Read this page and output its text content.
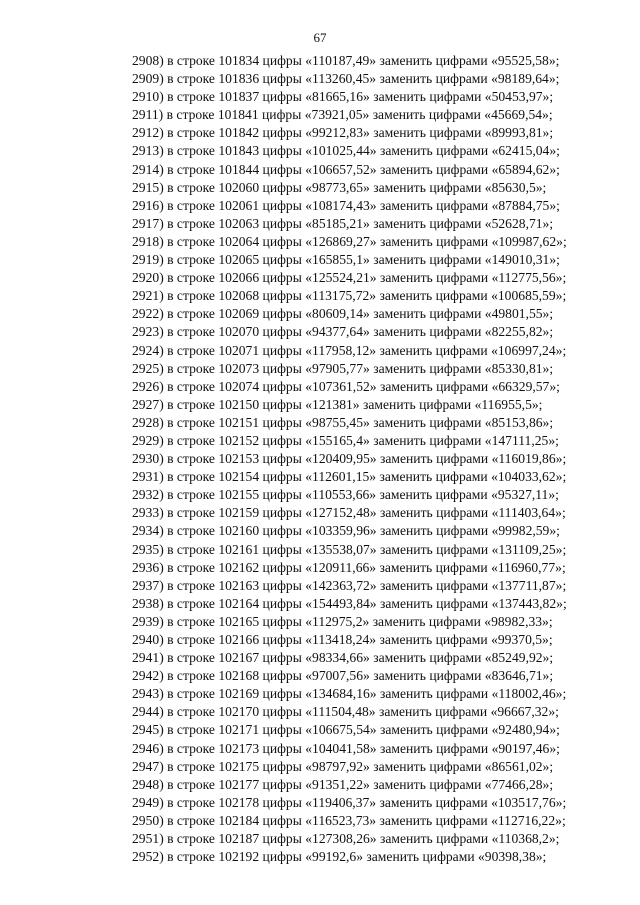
67
2908) в строке 101834 цифры «110187,49» заменить цифрами «95525,58»;
2909) в строке 101836 цифры «113260,45» заменить цифрами «98189,64»;
2910) в строке 101837 цифры «81665,16» заменить цифрами «50453,97»;
2911) в строке 101841 цифры «73921,05» заменить цифрами «45669,54»;
2912) в строке 101842 цифры «99212,83» заменить цифрами «89993,81»;
2913) в строке 101843 цифры «101025,44» заменить цифрами «62415,04»;
2914) в строке 101844 цифры «106657,52» заменить цифрами «65894,62»;
2915) в строке 102060 цифры «98773,65» заменить цифрами «85630,5»;
2916) в строке 102061 цифры «108174,43» заменить цифрами «87884,75»;
2917) в строке 102063 цифры «85185,21» заменить цифрами «52628,71»;
2918) в строке 102064 цифры «126869,27» заменить цифрами «109987,62»;
2919) в строке 102065 цифры «165855,1» заменить цифрами «149010,31»;
2920) в строке 102066 цифры «125524,21» заменить цифрами «112775,56»;
2921) в строке 102068 цифры «113175,72» заменить цифрами «100685,59»;
2922) в строке 102069 цифры «80609,14» заменить цифрами «49801,55»;
2923) в строке 102070 цифры «94377,64» заменить цифрами «82255,82»;
2924) в строке 102071 цифры «117958,12» заменить цифрами «106997,24»;
2925) в строке 102073 цифры «97905,77» заменить цифрами «85330,81»;
2926) в строке 102074 цифры «107361,52» заменить цифрами «66329,57»;
2927) в строке 102150 цифры «121381» заменить цифрами «116955,5»;
2928) в строке 102151 цифры «98755,45» заменить цифрами «85153,86»;
2929) в строке 102152 цифры «155165,4» заменить цифрами «147111,25»;
2930) в строке 102153 цифры «120409,95» заменить цифрами «116019,86»;
2931) в строке 102154 цифры «112601,15» заменить цифрами «104033,62»;
2932) в строке 102155 цифры «110553,66» заменить цифрами «95327,11»;
2933) в строке 102159 цифры «127152,48» заменить цифрами «111403,64»;
2934) в строке 102160 цифры «103359,96» заменить цифрами «99982,59»;
2935) в строке 102161 цифры «135538,07» заменить цифрами «131109,25»;
2936) в строке 102162 цифры «120911,66» заменить цифрами «116960,77»;
2937) в строке 102163 цифры «142363,72» заменить цифрами «137711,87»;
2938) в строке 102164 цифры «154493,84» заменить цифрами «137443,82»;
2939) в строке 102165 цифры «112975,2» заменить цифрами «98982,33»;
2940) в строке 102166 цифры «113418,24» заменить цифрами «99370,5»;
2941) в строке 102167 цифры «98334,66» заменить цифрами «85249,92»;
2942) в строке 102168 цифры «97007,56» заменить цифрами «83646,71»;
2943) в строке 102169 цифры «134684,16» заменить цифрами «118002,46»;
2944) в строке 102170 цифры «111504,48» заменить цифрами «96667,32»;
2945) в строке 102171 цифры «106675,54» заменить цифрами «92480,94»;
2946) в строке 102173 цифры «104041,58» заменить цифрами «90197,46»;
2947) в строке 102175 цифры «98797,92» заменить цифрами «86561,02»;
2948) в строке 102177 цифры «91351,22» заменить цифрами «77466,28»;
2949) в строке 102178 цифры «119406,37» заменить цифрами «103517,76»;
2950) в строке 102184 цифры «116523,73» заменить цифрами «112716,22»;
2951) в строке 102187 цифры «127308,26» заменить цифрами «110368,2»;
2952) в строке 102192 цифры «99192,6» заменить цифрами «90398,38»;
